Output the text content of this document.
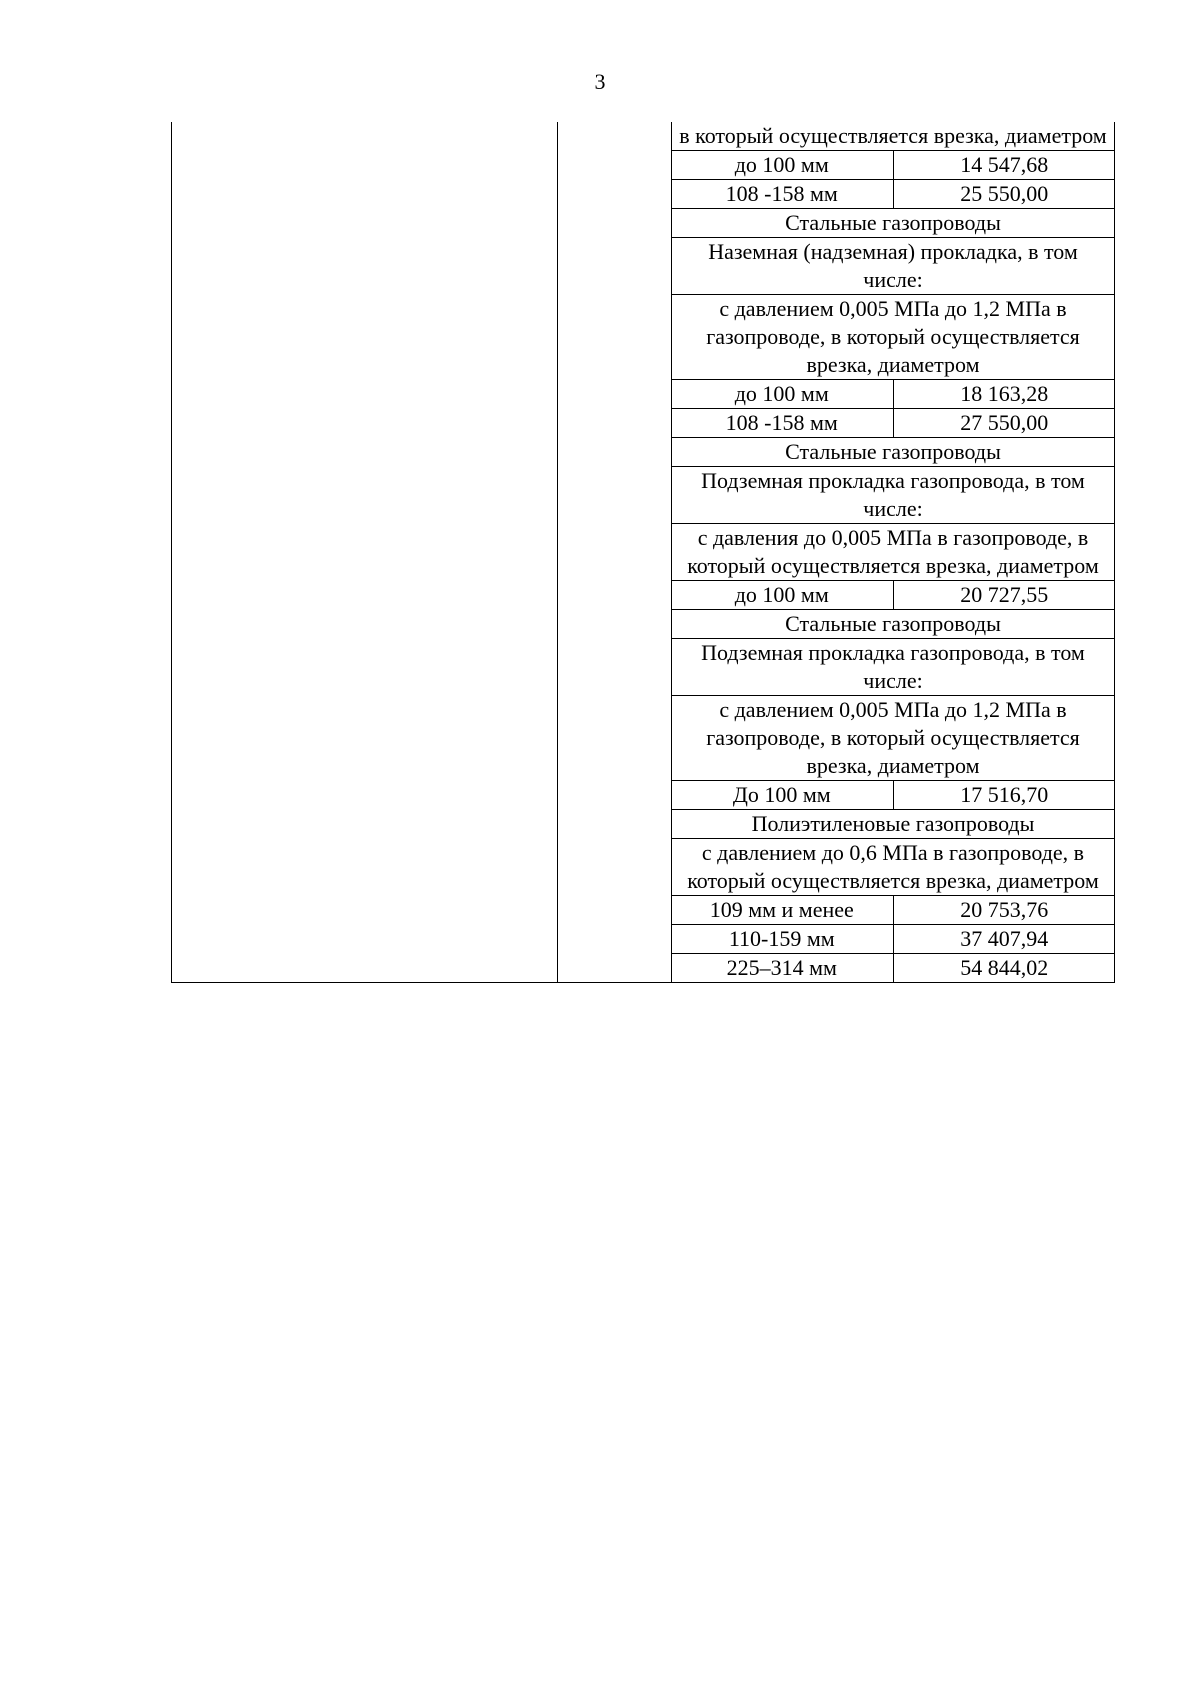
3
в который осуществляется врезка, диаметром	
до 100 мм	14 547,68
108 -158 мм	25 550,00
Стальные газопроводы	
Наземная (надземная) прокладка, в том числе:	
с давлением 0,005 МПа до 1,2 МПа в газопроводе, в который осуществляется врезка, диаметром	
до 100 мм	18 163,28
108 -158 мм	27 550,00
Стальные газопроводы	
Подземная прокладка газопровода, в том числе:	
с давления до 0,005 МПа в газопроводе, в который осуществляется врезка, диаметром	
до 100 мм	20 727,55
Стальные газопроводы	
Подземная прокладка газопровода, в том числе:	
с давлением 0,005 МПа до 1,2 МПа в газопроводе, в который осуществляется врезка, диаметром	
До 100 мм	17 516,70
Полиэтиленовые газопроводы	
с давлением до 0,6 МПа в газопроводе, в который осуществляется врезка, диаметром	
109 мм и менее	20 753,76
110-159 мм	37 407,94
225–314 мм	54 844,02
